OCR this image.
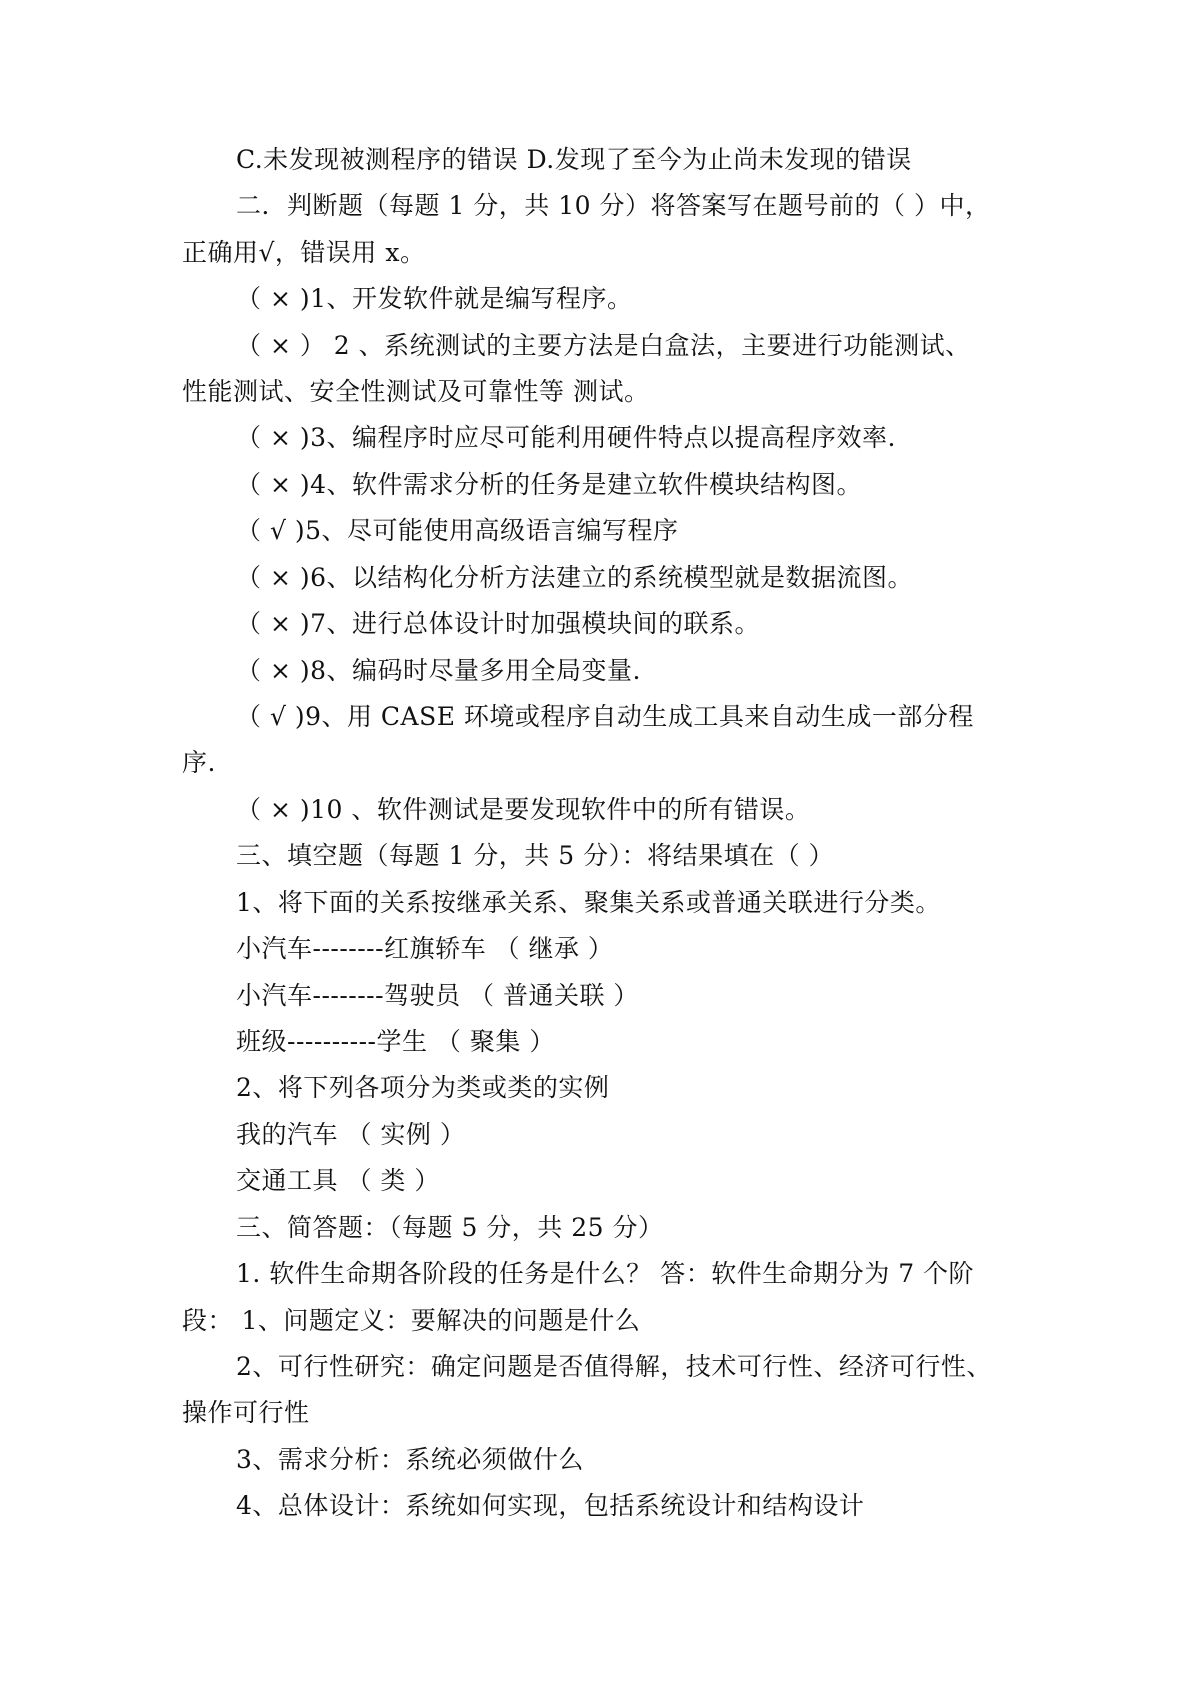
C.未发现被测程序的错误 D.发现了至今为止尚未发现的错误
二．判断题（每题 1 分，共 10 分）将答案写在题号前的（ ）中，
正确用√，错误用 x。
（ × )1、开发软件就是编写程序。
（ × ） 2 、系统测试的主要方法是白盒法，主要进行功能测试、
性能测试、安全性测试及可靠性等 测试。
（ × )3、编程序时应尽可能利用硬件特点以提高程序效率.
（ × )4、软件需求分析的任务是建立软件模块结构图。
（ √ )5、尽可能使用高级语言编写程序
（ × )6、以结构化分析方法建立的系统模型就是数据流图。
（ × )7、进行总体设计时加强模块间的联系。
（ × )8、编码时尽量多用全局变量.
（ √ )9、用 CASE 环境或程序自动生成工具来自动生成一部分程
序.
（ × )10 、软件测试是要发现软件中的所有错误。
三、填空题（每题 1 分，共 5 分）：将结果填在（ ）
1、将下面的关系按继承关系、聚集关系或普通关联进行分类。
小汽车--------红旗轿车 （ 继承 ）
小汽车--------驾驶员 （ 普通关联 ）
班级----------学生 （ 聚集 ）
2、将下列各项分为类或类的实例
我的汽车 （ 实例 ）
交通工具 （ 类 ）
三、简答题：（每题 5 分，共 25 分）
1. 软件生命期各阶段的任务是什么？ 答：软件生命期分为 7 个阶
段： 1、问题定义：要解决的问题是什么
2、可行性研究：确定问题是否值得解，技术可行性、经济可行性、
操作可行性
3、需求分析：系统必须做什么
4、总体设计：系统如何实现，包括系统设计和结构设计
